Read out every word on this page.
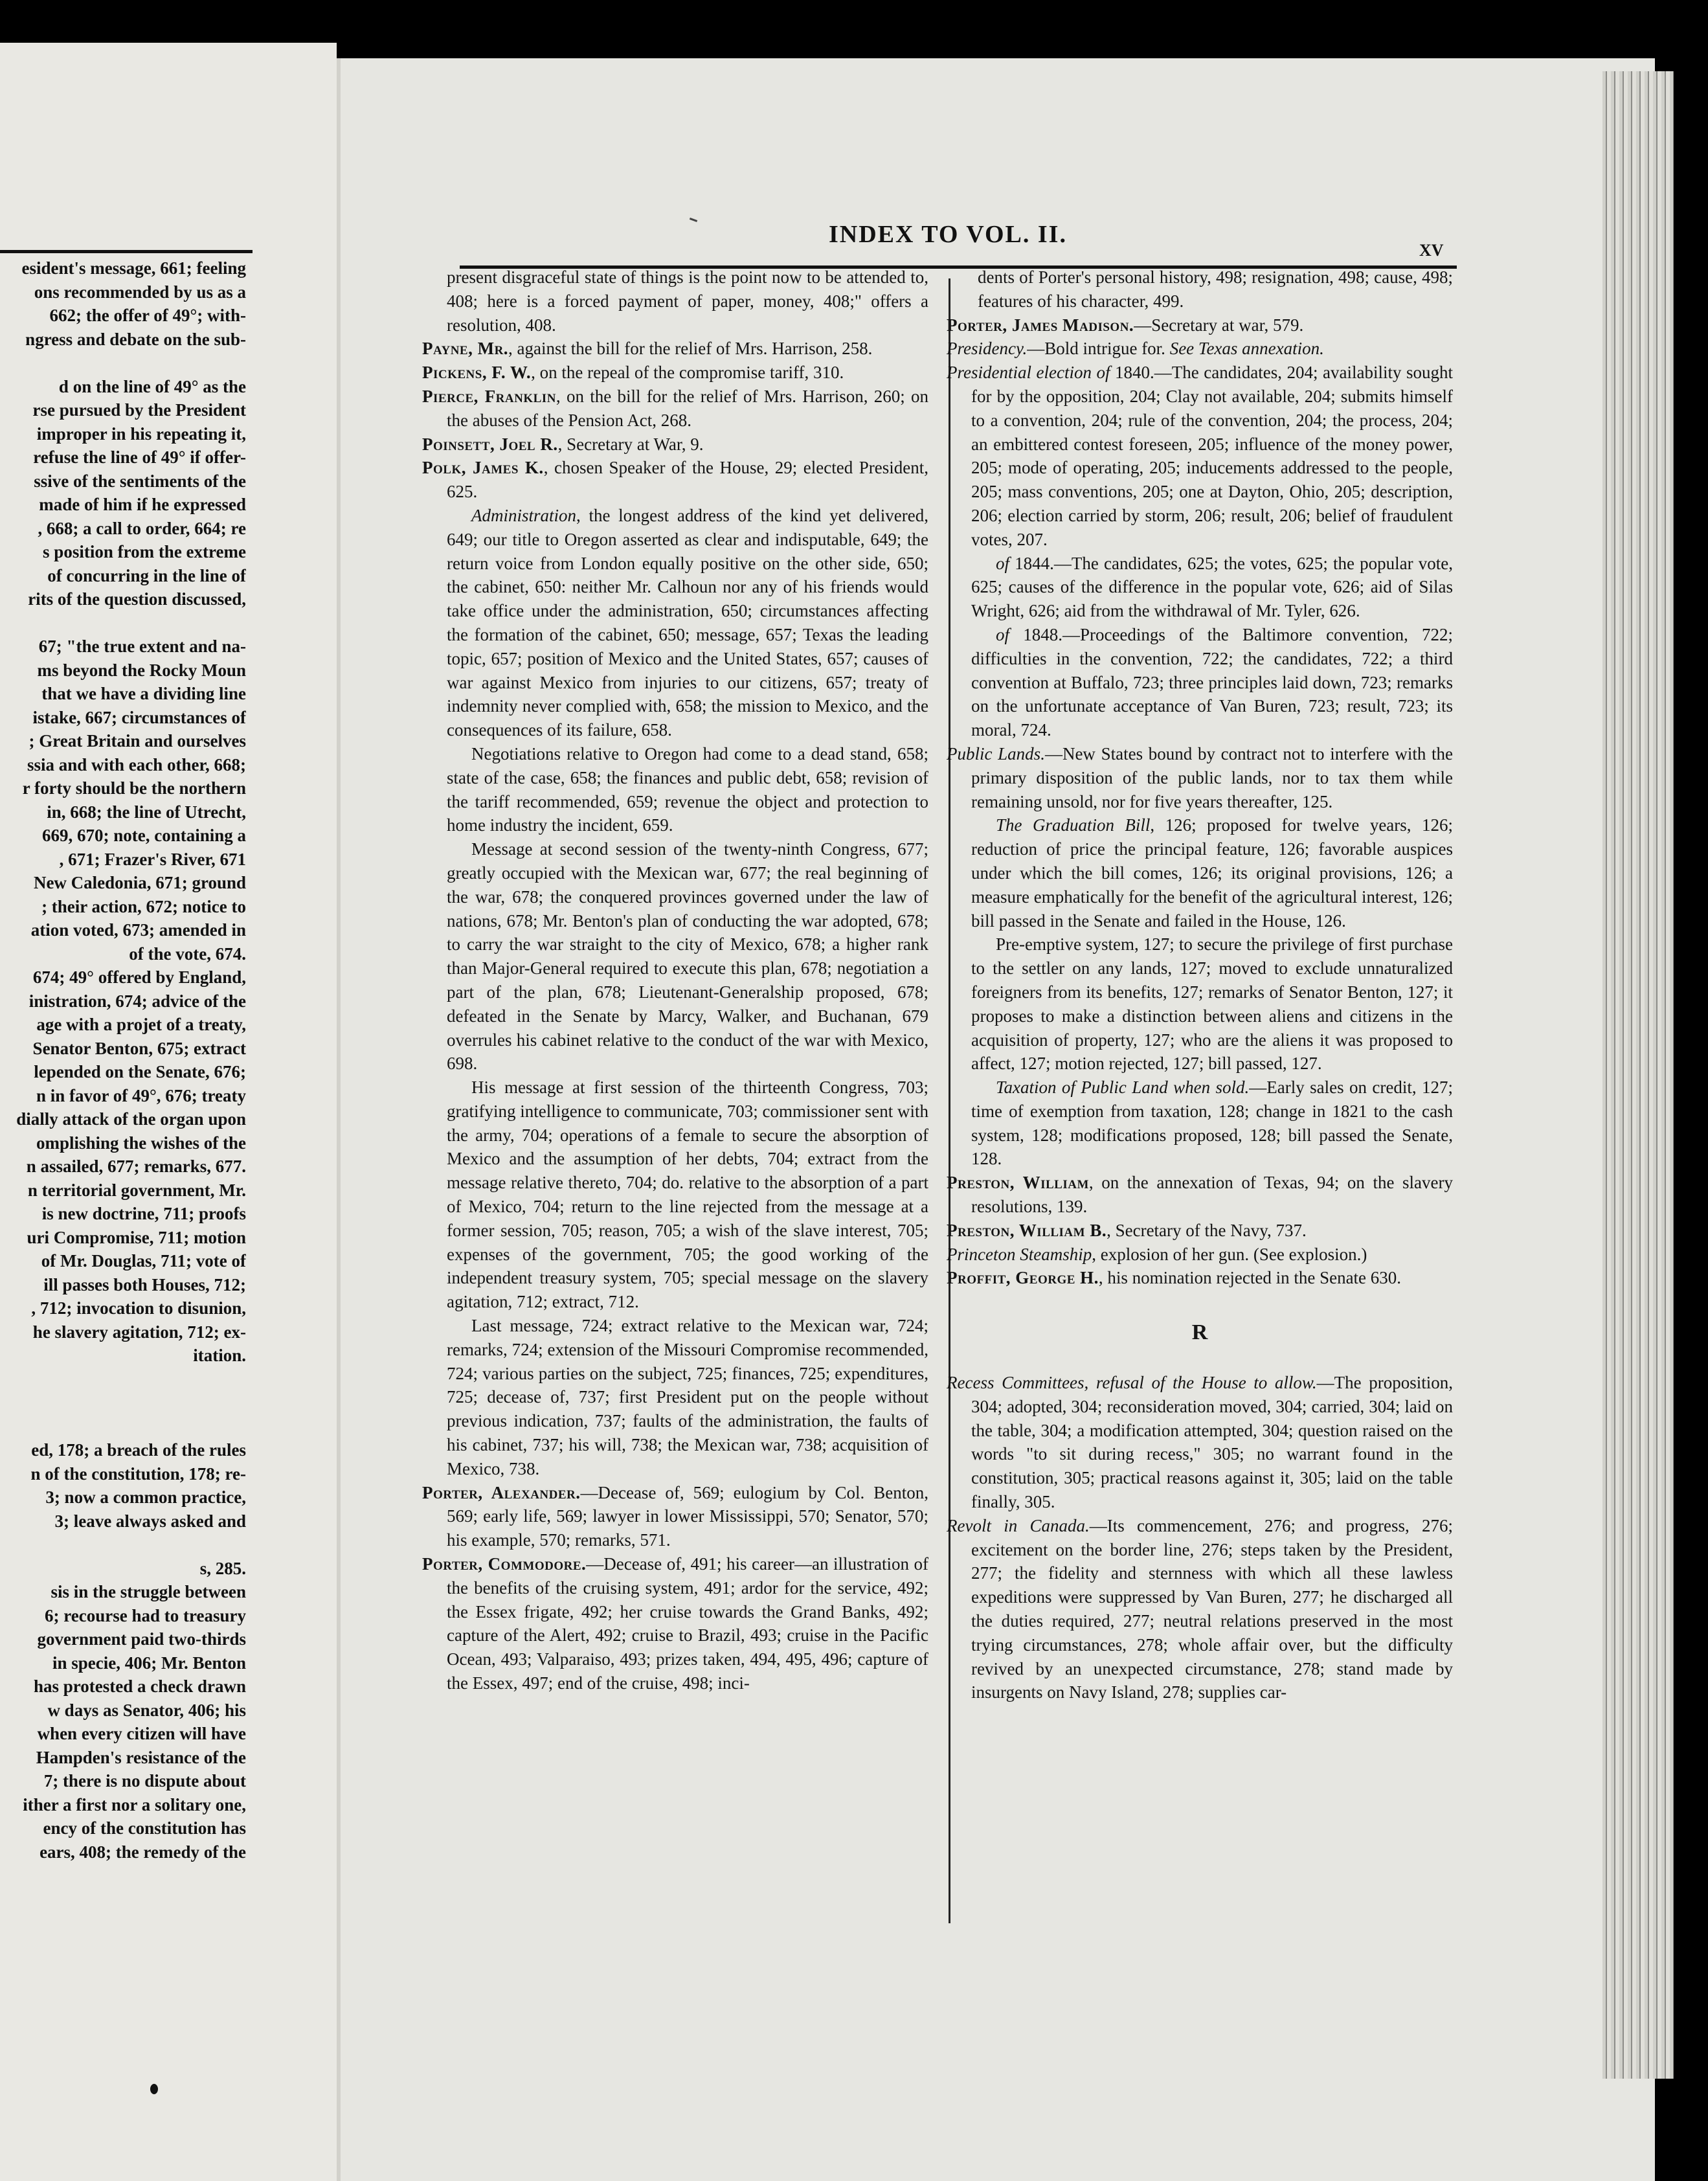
esident's message, 661; feeling
ons recommended by us as a
662; the offer of 49°; with-
ngress and debate on the sub-

d on the line of 49° as the
rse pursued by the President
improper in his repeating it,
refuse the line of 49° if offer-
ssive of the sentiments of the
made of him if he expressed
, 668; a call to order, 664; re
s position from the extreme
of concurring in the line of
rits of the question discussed,

67; "the true extent and na-
ms beyond the Rocky Moun
that we have a dividing line
istake, 667; circumstances of
; Great Britain and ourselves
ssia and with each other, 668;
r forty should be the northern
in, 668; the line of Utrecht,
669, 670; note, containing a
, 671; Frazer's River, 671
New Caledonia, 671; ground
; their action, 672; notice to
ation voted, 673; amended in
of the vote, 674.
674; 49° offered by England,
inistration, 674; advice of the
age with a projet of a treaty,
Senator Benton, 675; extract
lepended on the Senate, 676;
n in favor of 49°, 676; treaty
dially attack of the organ upon
omplishing the wishes of the
n assailed, 677; remarks, 677.
n territorial government, Mr.
is new doctrine, 711; proofs
uri Compromise, 711; motion
of Mr. Douglas, 711; vote of
ill passes both Houses, 712;
, 712; invocation to disunion,
he slavery agitation, 712; ex-
itation.

ed, 178; a breach of the rules
n of the constitution, 178; re-
3; now a common practice,
3; leave always asked and

s, 285.
sis in the struggle between
6; recourse had to treasury
government paid two-thirds
in specie, 406; Mr. Benton
has protested a check drawn
w days as Senator, 406; his
when every citizen will have
Hampden's resistance of the
7; there is no dispute about
ither a first nor a solitary one,
ency of the constitution has
ears, 408; the remedy of the
INDEX TO VOL. II.
XV
present disgraceful state of things is the point now to be attended to, 408; here is a forced payment of paper, money, 408;" offers a resolution, 408.
Payne, Mr., against the bill for the relief of Mrs. Harrison, 258.
Pickens, F. W., on the repeal of the compromise tariff, 310.
Pierce, Franklin, on the bill for the relief of Mrs. Harrison, 260; on the abuses of the Pension Act, 268.
Poinsett, Joel R., Secretary at War, 9.
Polk, James K., chosen Speaker of the House, 29; elected President, 625.
Administration, the longest address of the kind yet delivered, 649; our title to Oregon asserted as clear and indisputable, 649; the return voice from London equally positive on the other side, 650; the cabinet, 650: neither Mr. Calhoun nor any of his friends would take office under the administration, 650; circumstances affecting the formation of the cabinet, 650; message, 657; Texas the leading topic, 657; position of Mexico and the United States, 657; causes of war against Mexico from injuries to our citizens, 657; treaty of indemnity never complied with, 658; the mission to Mexico, and the consequences of its failure, 658.
Negotiations relative to Oregon had come to a dead stand, 658; state of the case, 658; the finances and public debt, 658; revision of the tariff recommended, 659; revenue the object and protection to home industry the incident, 659.
Message at second session of the twenty-ninth Congress, 677; greatly occupied with the Mexican war, 677; the real beginning of the war, 678; the conquered provinces governed under the law of nations, 678; Mr. Benton's plan of conducting the war adopted, 678; to carry the war straight to the city of Mexico, 678; a higher rank than Major-General required to execute this plan, 678; negotiation a part of the plan, 678; Lieutenant-Generalship proposed, 678; defeated in the Senate by Marcy, Walker, and Buchanan, 679 overrules his cabinet relative to the conduct of the war with Mexico, 698.
His message at first session of the thirteenth Congress, 703; gratifying intelligence to communicate, 703; commissioner sent with the army, 704; operations of a female to secure the absorption of Mexico and the assumption of her debts, 704; extract from the message relative thereto, 704; do. relative to the absorption of a part of Mexico, 704; return to the line rejected from the message at a former session, 705; reason, 705; a wish of the slave interest, 705; expenses of the government, 705; the good working of the independent treasury system, 705; special message on the slavery agitation, 712; extract, 712.
Last message, 724; extract relative to the Mexican war, 724; remarks, 724; extension of the Missouri Compromise recommended, 724; various parties on the subject, 725; finances, 725; expenditures, 725; decease of, 737; first President put on the people without previous indication, 737; faults of the administration, the faults of his cabinet, 737; his will, 738; the Mexican war, 738; acquisition of Mexico, 738.
Porter, Alexander.—Decease of, 569; eulogium by Col. Benton, 569; early life, 569; lawyer in lower Mississippi, 570; Senator, 570; his example, 570; remarks, 571.
Porter, Commodore.—Decease of, 491; his career—an illustration of the benefits of the cruising system, 491; ardor for the service, 492; the Essex frigate, 492; her cruise towards the Grand Banks, 492; capture of the Alert, 492; cruise to Brazil, 493; cruise in the Pacific Ocean, 493; Valparaiso, 493; prizes taken, 494, 495, 496; capture of the Essex, 497; end of the cruise, 498; inci-
dents of Porter's personal history, 498; resignation, 498; cause, 498; features of his character, 499.
Porter, James Madison.—Secretary at war, 579.
Presidency.—Bold intrigue for. See Texas annexation.
Presidential election of 1840.—The candidates, 204; availability sought for by the opposition, 204; Clay not available, 204; submits himself to a convention, 204; rule of the convention, 204; the process, 204; an embittered contest foreseen, 205; influence of the money power, 205; mode of operating, 205; inducements addressed to the people, 205; mass conventions, 205; one at Dayton, Ohio, 205; description, 206; election carried by storm, 206; result, 206; belief of fraudulent votes, 207.
of 1844.—The candidates, 625; the votes, 625; the popular vote, 625; causes of the difference in the popular vote, 626; aid of Silas Wright, 626; aid from the withdrawal of Mr. Tyler, 626.
of 1848.—Proceedings of the Baltimore convention, 722; difficulties in the convention, 722; the candidates, 722; a third convention at Buffalo, 723; three principles laid down, 723; remarks on the unfortunate acceptance of Van Buren, 723; result, 723; its moral, 724.
Public Lands.—New States bound by contract not to interfere with the primary disposition of the public lands, nor to tax them while remaining unsold, nor for five years thereafter, 125.
The Graduation Bill, 126; proposed for twelve years, 126; reduction of price the principal feature, 126; favorable auspices under which the bill comes, 126; its original provisions, 126; a measure emphatically for the benefit of the agricultural interest, 126; bill passed in the Senate and failed in the House, 126.
Pre-emptive system, 127; to secure the privilege of first purchase to the settler on any lands, 127; moved to exclude unnaturalized foreigners from its benefits, 127; remarks of Senator Benton, 127; it proposes to make a distinction between aliens and citizens in the acquisition of property, 127; who are the aliens it was proposed to affect, 127; motion rejected, 127; bill passed, 127.
Taxation of Public Land when sold.—Early sales on credit, 127; time of exemption from taxation, 128; change in 1821 to the cash system, 128; modifications proposed, 128; bill passed the Senate, 128.
Preston, William, on the annexation of Texas, 94; on the slavery resolutions, 139.
Preston, William B., Secretary of the Navy, 737.
Princeton Steamship, explosion of her gun. (See explosion.)
Proffit, George H., his nomination rejected in the Senate 630.
R
Recess Committees, refusal of the House to allow.—The proposition, 304; adopted, 304; reconsideration moved, 304; carried, 304; laid on the table, 304; a modification attempted, 304; question raised on the words "to sit during recess," 305; no warrant found in the constitution, 305; practical reasons against it, 305; laid on the table finally, 305.
Revolt in Canada.—Its commencement, 276; and progress, 276; excitement on the border line, 276; steps taken by the President, 277; the fidelity and sternness with which all these lawless expeditions were suppressed by Van Buren, 277; he discharged all the duties required, 277; neutral relations preserved in the most trying circumstances, 278; whole affair over, but the difficulty revived by an unexpected circumstance, 278; stand made by insurgents on Navy Island, 278; supplies car-
